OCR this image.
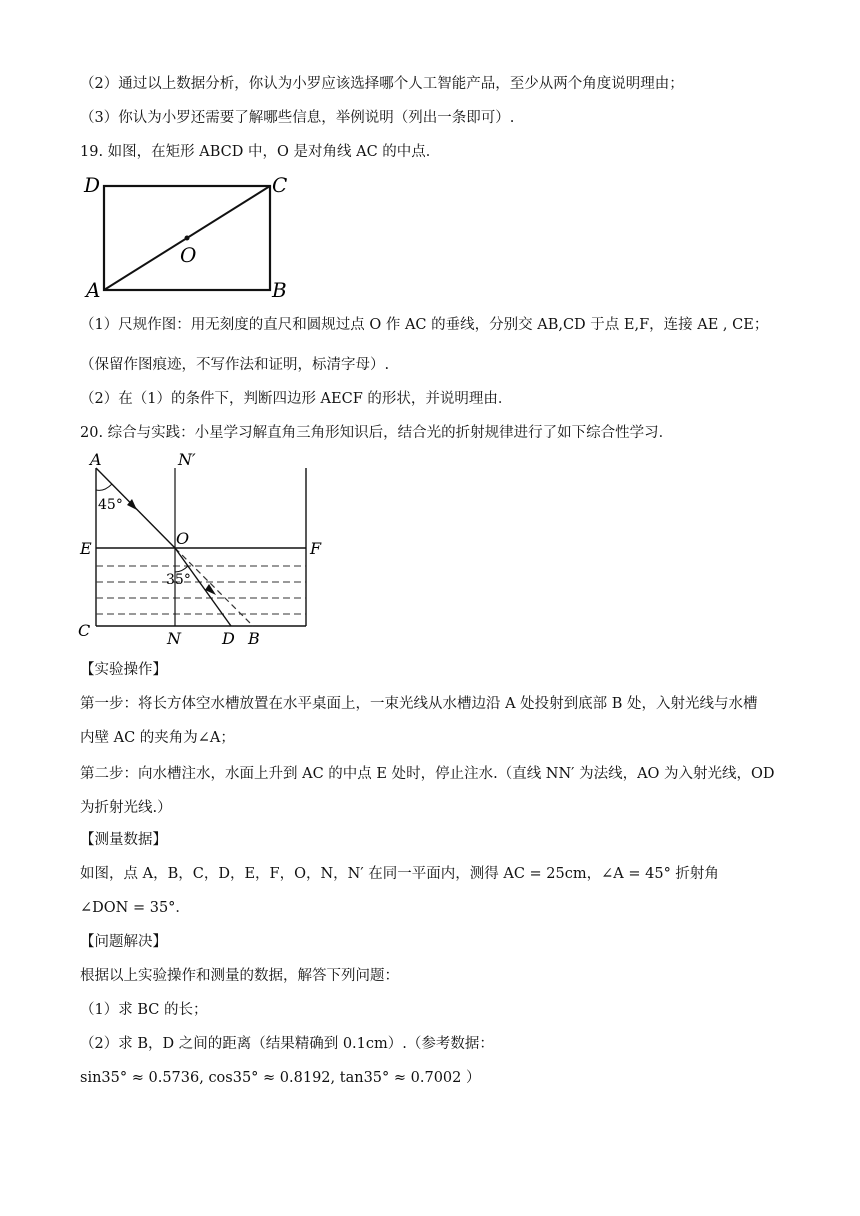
（2）通过以上数据分析，你认为小罗应该选择哪个人工智能产品，至少从两个角度说明理由；
（3）你认为小罗还需要了解哪些信息，举例说明（列出一条即可）.
19. 如图，在矩形 ABCD 中，O 是对角线 AC 的中点．
D	C
A	B
O
（1）尺规作图：用无刻度的直尺和圆规过点 O 作 AC 的垂线，分别交 AB,CD 于点 E,F，连接 AE , CE；
（保留作图痕迹，不写作法和证明，标清字母）.
（2）在（1）的条件下，判断四边形 AECF 的形状，并说明理由．
20. 综合与实践：小星学习解直角三角形知识后，结合光的折射规律进行了如下综合性学习．
A	N′
45°
O
E	F
35°
C	N	D B
【实验操作】
第一步：将长方体空水槽放置在水平桌面上，一束光线从水槽边沿 A 处投射到底部 B 处，入射光线与水槽
内壁 AC 的夹角为∠A；
第二步：向水槽注水，水面上升到 AC 的中点 E 处时，停止注水.（直线 NN′ 为法线，AO 为入射光线，OD
为折射光线.）
【测量数据】
如图，点 A，B，C，D，E，F，O，N，N′ 在同一平面内，测得 AC = 25cm，∠A = 45° 折射角
∠DON = 35°．
【问题解决】
根据以上实验操作和测量的数据，解答下列问题：
（1）求 BC 的长；
（2）求 B，D 之间的距离（结果精确到 0.1cm）.（参考数据：
sin35° ≈ 0.5736, cos35° ≈ 0.8192, tan35° ≈ 0.7002 ）
